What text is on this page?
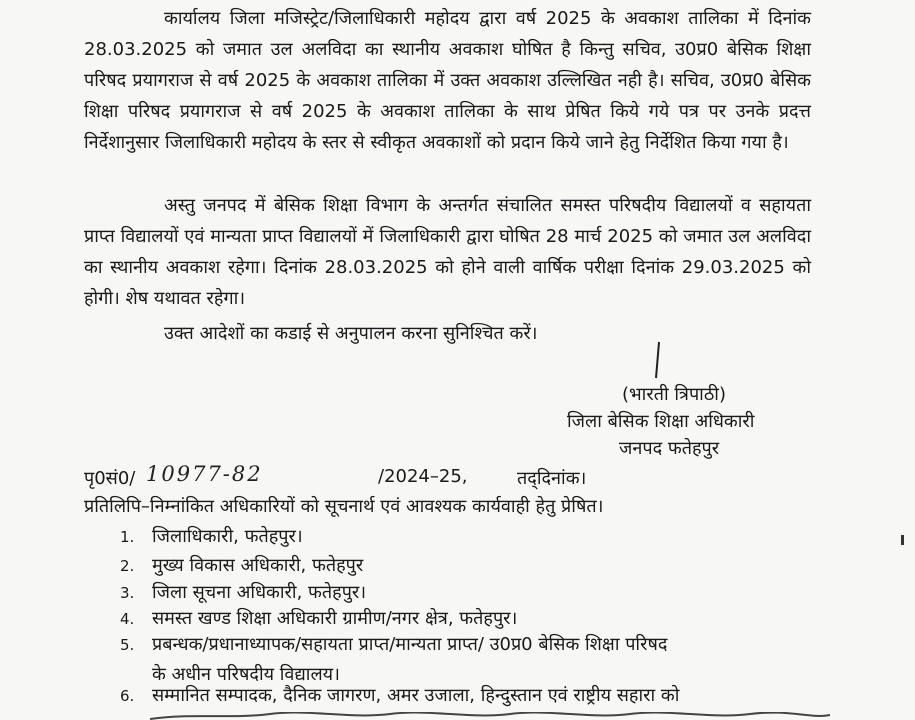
कार्यालय जिला मजिस्ट्रेट/जिलाधिकारी महोदय द्वारा वर्ष 2025 के अवकाश तालिका में दिनांक 28.03.2025 को जमात उल अलविदा का स्थानीय अवकाश घोषित है किन्तु सचिव, उ0प्र0 बेसिक शिक्षा परिषद प्रयागराज से वर्ष 2025 के अवकाश तालिका में उक्त अवकाश उल्लिखित नही है। सचिव, उ0प्र0 बेसिक शिक्षा परिषद प्रयागराज से वर्ष 2025 के अवकाश तालिका के साथ प्रेषित किये गये पत्र पर उनके प्रदत्त निर्देशानुसार जिलाधिकारी महोदय के स्तर से स्वीकृत अवकाशों को प्रदान किये जाने हेतु निर्देशित किया गया है।
अस्तु जनपद में बेसिक शिक्षा विभाग के अन्तर्गत संचालित समस्त परिषदीय विद्यालयों व सहायता प्राप्त विद्यालयों एवं मान्यता प्राप्त विद्यालयों में जिलाधिकारी द्वारा घोषित 28 मार्च 2025 को जमात उल अलविदा का स्थानीय अवकाश रहेगा। दिनांक 28.03.2025 को होने वाली वार्षिक परीक्षा दिनांक 29.03.2025 को होगी। शेष यथावत रहेगा।
उक्त आदेशों का कडाई से अनुपालन करना सुनिश्चित करें।
(भारती त्रिपाठी)
जिला बेसिक शिक्षा अधिकारी
जनपद फतेहपुर
पृ0सं0/ 10977-82	/2024–25,	तद्‌दिनांक।
प्रतिलिपि–निम्नांकित अधिकारियों को सूचनार्थ एवं आवश्यक कार्यवाही हेतु प्रेषित।
1. जिलाधिकारी, फतेहपुर।
2. मुख्य विकास अधिकारी, फतेहपुर
3. जिला सूचना अधिकारी, फतेहपुर।
4. समस्त खण्ड शिक्षा अधिकारी ग्रामीण/नगर क्षेत्र, फतेहपुर।
5. प्रबन्धक/प्रधानाध्यापक/सहायता प्राप्त/मान्यता प्राप्त/ उ0प्र0 बेसिक शिक्षा परिषद
के अधीन परिषदीय विद्यालय।
6. सम्मानित सम्पादक, दैनिक जागरण, अमर उजाला, हिन्दुस्तान एवं राष्ट्रीय सहारा को
